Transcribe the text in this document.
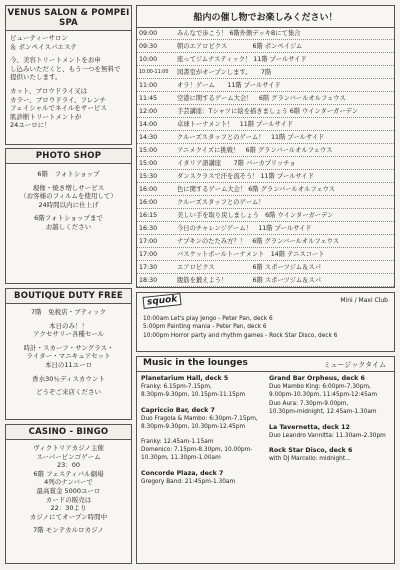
VENUS SALON & POMPEI SPA
ビューティーサロン
＆ ポンペイスパエステ
今、美容トリートメントをお申
し込みいただくと、もう一つを無料で
提供いたします。
カット、ブロウドライ又は
カラー、ブロウドライ、フレンチ
フェイシャルでネイルをサービス
肌診断トリートメントが
24ユーロに！
PHOTO SHOP
6階　フォトショップ
現像・焼き増しサービス
（お客様のフィルムを使用して）
24時間以内に仕上げ
6階フォトショップまで
お越しください
BOUTIQUE DUTY FREE
7階　免税店・ブティック
本日のみ！！
アクセサリー各種セール
時計・スカーフ・サングラス・
ライター・マニキュアセット
本日の11ユーロ
香水30％ディスカウント
どうぞご来店ください
CASINO - BINGO
ヴィクトリアカジノ主催
スーパービンゴゲーム
23：00
6階 フェスティバル劇場
4列のナンバーで
最高賞金 5000ユーロ
カードの販売は
22：30より
カジノにてオープン時間中
7階 モンテカルロカジノ
船内の催し物でお楽しみください！
09:00	みんなで歩こう！ 6階外側デッキBにて集合
09:30	朝のエアロビクス　　　　6階 ポンペイジム
10:00	座ってジムナスティック！ 11階 プールサイド
10:00-11:00	図書室がオープンします。　　7階
11:00	オラ！ゲーム　　11階 プールサイド
11:45	空港に関するゲーム大会！　6階 グランバールオルフェウス
12:00	手芸講座：Tシャツに絵を描きましょう 6階 ウインターガーデン
14:00	卓球トーナメント！　11階 プールサイド
14:30	クルーズスタッフとのゲーム！　11階 プールサイド
15:00	アニメクイズに挑戦！　6階 グランバールオルフェウス
15:00	イタリア語講座　　7階 バーカプリッチョ
15:30	ダンスクラスで汗を流そう！ 11階 プールサイド
16:00	色に関するゲーム大会！ 6階 グランバールオルフェウス
16:00	クルーズスタッフとのゲーム！
16:15	美しい手を取り戻しましょう　6階 ウインターガーデン
16:30	今日のチャレンジゲーム！　11階 プールサイド
17:00	ナプキンのたたみ方？！　6階 グランバールオルフェウス
17:00	バスケットボールトーナメント　14階 テニスコート
17:30	エアロビクス　　　　　　6階 スポーツジム＆スパ
18:30	腹筋を鍛えよう！　　　　6階 スポーツジム＆スパ
squok	Mini / Maxi Club
10:00am Let's play Jengo - Peter Pan, deck 6
5:00pm Painting mania - Peter Pan, deck 6
10:00pm Horror party and rhythm games - Rock Star Disco, deck 6
Music in the lounges	ミュージックタイム
Planetarium Hall, deck 5
Franky: 6.15pm-7.15pm,
8.30pm-9.30pm, 10.15pm-11.15pm
Capriccio Bar, deck 7
Duo Fragola & Mambo: 6:30pm-7.15pm,
8.30pm-9.30pm, 10.30pm-12.45pm
Franky: 12.45am-1.15am
Domenico: 7.15pm-8.30pm, 10.00pm-
10.30pm, 11.30pm-1.00am
Concorde Plaza, deck 7
Gregory Band: 21:45pm-1.30am
Grand Bar Orpheus, deck 6
Duo Mambo King: 6:00pm-7.30pm,
9.00pm-10.30pm, 11:45pm-12:45am
Duo Aura: 7.30pm-9.00pm,
10.30pm-midnight, 12.45am-1.30am
La Tavernetta, deck 12
Duo Leandro Vannitta: 11.30am-2.30pm
Rock Star Disco, deck 6
with DJ Marcello: midnight...
